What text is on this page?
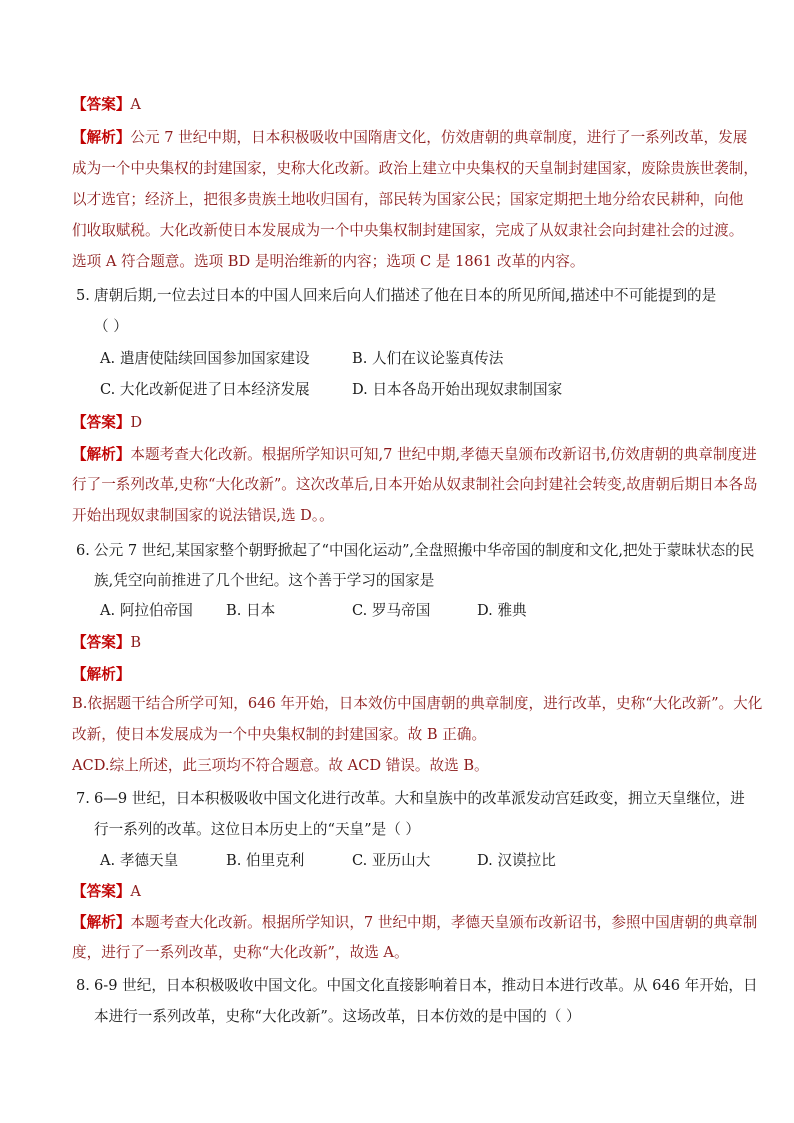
【答案】A
【解析】公元 7 世纪中期，日本积极吸收中国隋唐文化，仿效唐朝的典章制度，进行了一系列改革，发展
成为一个中央集权的封建国家，史称大化改新。政治上建立中央集权的天皇制封建国家，废除贵族世袭制，
以才选官；经济上，把很多贵族土地收归国有，部民转为国家公民；国家定期把土地分给农民耕种，向他
们收取赋税。大化改新使日本发展成为一个中央集权制封建国家，完成了从奴隶社会向封建社会的过渡。
选项 A 符合题意。选项 BD 是明治维新的内容；选项 C 是 1861 改革的内容。
5. 唐朝后期,一位去过日本的中国人回来后向人们描述了他在日本的所见所闻,描述中不可能提到的是
（ ）
A. 遣唐使陆续回国参加国家建设	B. 人们在议论鉴真传法
C. 大化改新促进了日本经济发展	D. 日本各岛开始出现奴隶制国家
【答案】D
【解析】本题考查大化改新。根据所学知识可知,7 世纪中期,孝德天皇颁布改新诏书,仿效唐朝的典章制度进
行了一系列改革,史称“大化改新”。这次改革后,日本开始从奴隶制社会向封建社会转变,故唐朝后期日本各岛
开始出现奴隶制国家的说法错误,选 D。。
6. 公元 7 世纪,某国家整个朝野掀起了“中国化运动”,全盘照搬中华帝国的制度和文化,把处于蒙昧状态的民
族,凭空向前推进了几个世纪。这个善于学习的国家是
A. 阿拉伯帝国 B. 日本	C. 罗马帝国	D. 雅典
【答案】B
【解析】
B.依据题干结合所学可知，646 年开始，日本效仿中国唐朝的典章制度，进行改革，史称“大化改新”。大化
改新，使日本发展成为一个中央集权制的封建国家。故 B 正确。
ACD.综上所述，此三项均不符合题意。故 ACD 错误。故选 B。
7. 6—9 世纪，日本积极吸收中国文化进行改革。大和皇族中的改革派发动宫廷政变，拥立天皇继位，进
行一系列的改革。这位日本历史上的“天皇”是（ ）
A. 孝德天皇	B. 伯里克利	C. 亚历山大	D. 汉谟拉比
【答案】A
【解析】本题考查大化改新。根据所学知识，7 世纪中期，孝德天皇颁布改新诏书，参照中国唐朝的典章制
度，进行了一系列改革，史称“大化改新”，故选 A。
8. 6-9 世纪，日本积极吸收中国文化。中国文化直接影响着日本，推动日本进行改革。从 646 年开始，日
本进行一系列改革，史称“大化改新”。这场改革，日本仿效的是中国的（ ）
